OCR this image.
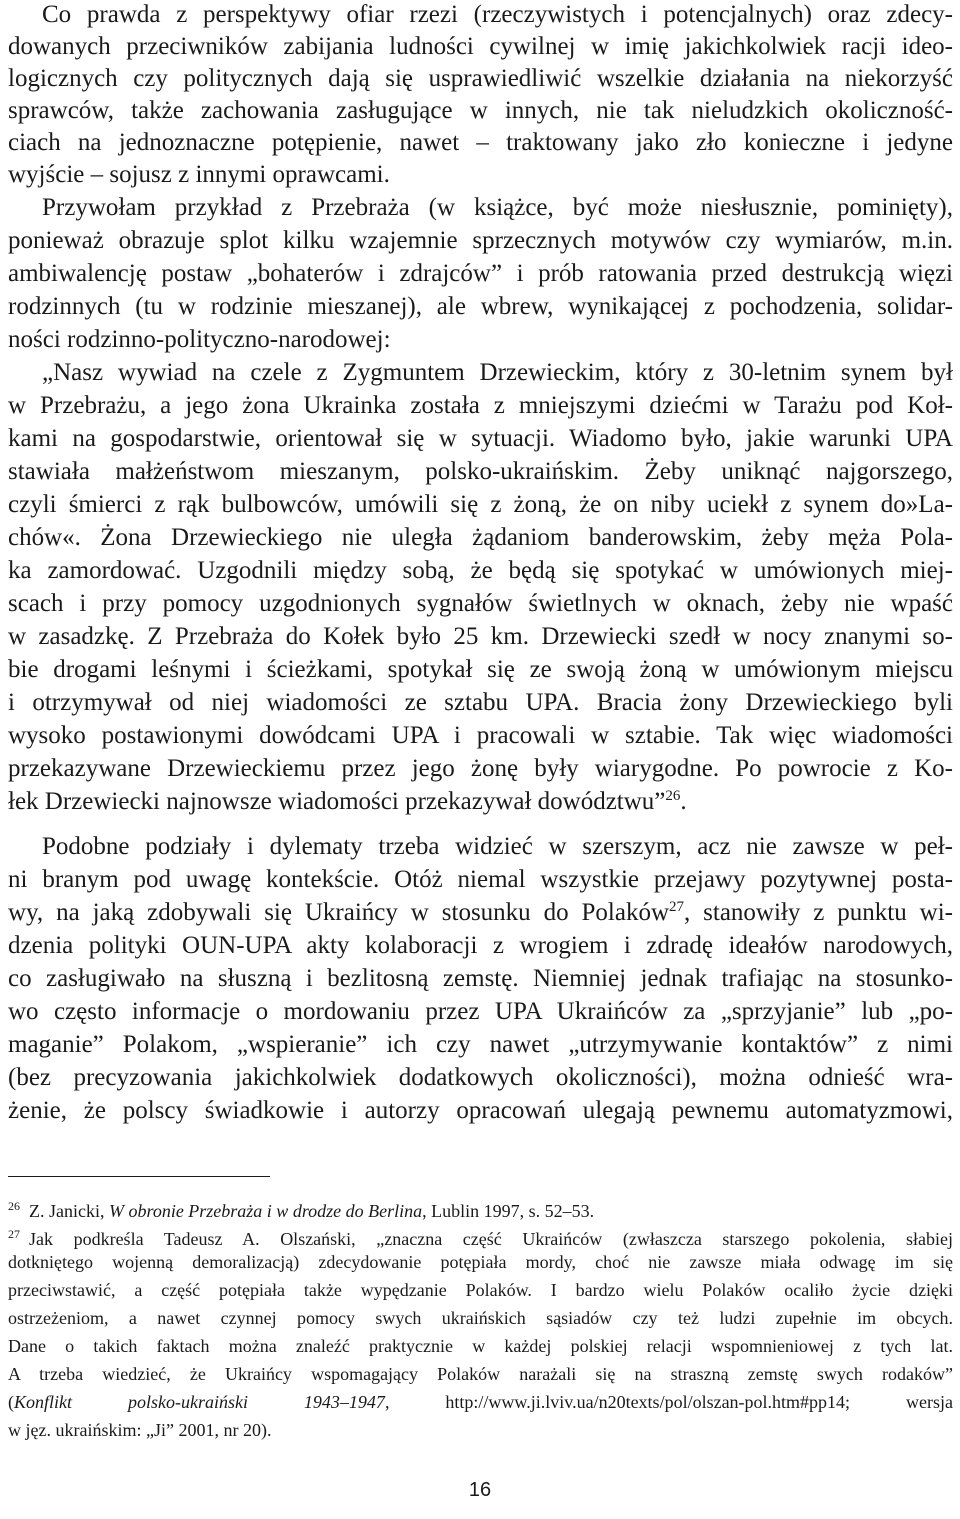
Co prawda z perspektywy ofiar rzezi (rzeczywistych i potencjalnych) oraz zdecy-
dowanych przeciwników zabijania ludności cywilnej w imię jakichkolwiek racji ideo-
logicznych czy politycznych dają się usprawiedliwić wszelkie działania na niekorzyść
sprawców, także zachowania zasługujące w innych, nie tak nieludzkich okoliczność-
ciach na jednoznaczne potępienie, nawet – traktowany jako zło konieczne i jedyne
wyjście – sojusz z innymi oprawcami.
Przywołam przykład z Przebraża (w książce, być może niesłusznie, pominięty),
ponieważ obrazuje splot kilku wzajemnie sprzecznych motywów czy wymiarów, m.in.
ambiwalencję postaw „bohaterów i zdrajców” i prób ratowania przed destrukcją więzi
rodzinnych (tu w rodzinie mieszanej), ale wbrew, wynikającej z pochodzenia, solidar-
ności rodzinno-polityczno-narodowej:
„Nasz wywiad na czele z Zygmuntem Drzewieckim, który z 30-letnim synem był
w Przebrażu, a jego żona Ukrainka została z mniejszymi dziećmi w Tarażu pod Koł-
kami na gospodarstwie, orientował się w sytuacji. Wiadomo było, jakie warunki UPA
stawiała małżeństwom mieszanym, polsko-ukraińskim. Żeby uniknąć najgorszego,
czyli śmierci z rąk bulbowców, umówili się z żoną, że on niby uciekł z synem do»La-
chów«. Żona Drzewieckiego nie uległa żądaniom banderowskim, żeby męża Pola-
ka zamordować. Uzgodnili między sobą, że będą się spotykać w umówionych miej-
scach i przy pomocy uzgodnionych sygnałów świetlnych w oknach, żeby nie wpaść
w zasadzkę. Z Przebraża do Kołek było 25 km. Drzewiecki szedł w nocy znanymi so-
bie drogami leśnymi i ścieżkami, spotykał się ze swoją żoną w umówionym miejscu
i otrzymywał od niej wiadomości ze sztabu UPA. Bracia żony Drzewieckiego byli
wysoko postawionymi dowódcami UPA i pracowali w sztabie. Tak więc wiadomości
przekazywane Drzewieckiemu przez jego żonę były wiarygodne. Po powrocie z Ko-
łek Drzewiecki najnowsze wiadomości przekazywał dowództwu”$^{26}$.
Podobne podziały i dylematy trzeba widzieć w szerszym, acz nie zawsze w peł-
ni branym pod uwagę kontekście. Otóż niemal wszystkie przejawy pozytywnej posta-
wy, na jaką zdobywali się Ukraińcy w stosunku do Polaków$^{27}$, stanowiły z punktu wi-
dzenia polityki OUN-UPA akty kolaboracji z wrogiem i zdradę ideałów narodowych,
co zasługiwało na słuszną i bezlitosną zemstę. Niemniej jednak trafiając na stosunko-
wo często informacje o mordowaniu przez UPA Ukraińców za „sprzyjanie” lub „po-
maganie” Polakom, „wspieranie” ich czy nawet „utrzymywanie kontaktów” z nimi
(bez precyzowania jakichkolwiek dodatkowych okoliczności), można odnieść wra-
żenie, że polscy świadkowie i autorzy opracowań ulegają pewnemu automatyzmowi,
$^{26}$ Z. Janicki, W obronie Przebraża i w drodze do Berlina, Lublin 1997, s. 52–53.
$^{27}$ Jak podkreśla Tadeusz A. Olszański, „znaczna część Ukraińców (zwłaszcza starszego pokolenia, słabiej
dotkniętego wojenną demoralizacją) zdecydowanie potępiała mordy, choć nie zawsze miała odwagę im się
przeciwstawić, a część potępiała także wypędzanie Polaków. I bardzo wielu Polaków ocaliło życie dzięki
ostrzeżeniom, a nawet czynnej pomocy swych ukraińskich sąsiadów czy też ludzi zupełnie im obcych.
Dane o takich faktach można znaleźć praktycznie w każdej polskiej relacji wspomnieniowej z tych lat.
A trzeba wiedzieć, że Ukraińcy wspomagający Polaków narażali się na straszną zemstę swych rodaków”
(Konflikt polsko-ukraiński 1943–1947, http://www.ji.lviv.ua/n20texts/pol/olszan-pol.htm#pp14; wersja
w jęz. ukraińskim: „Ji” 2001, nr 20).
16
